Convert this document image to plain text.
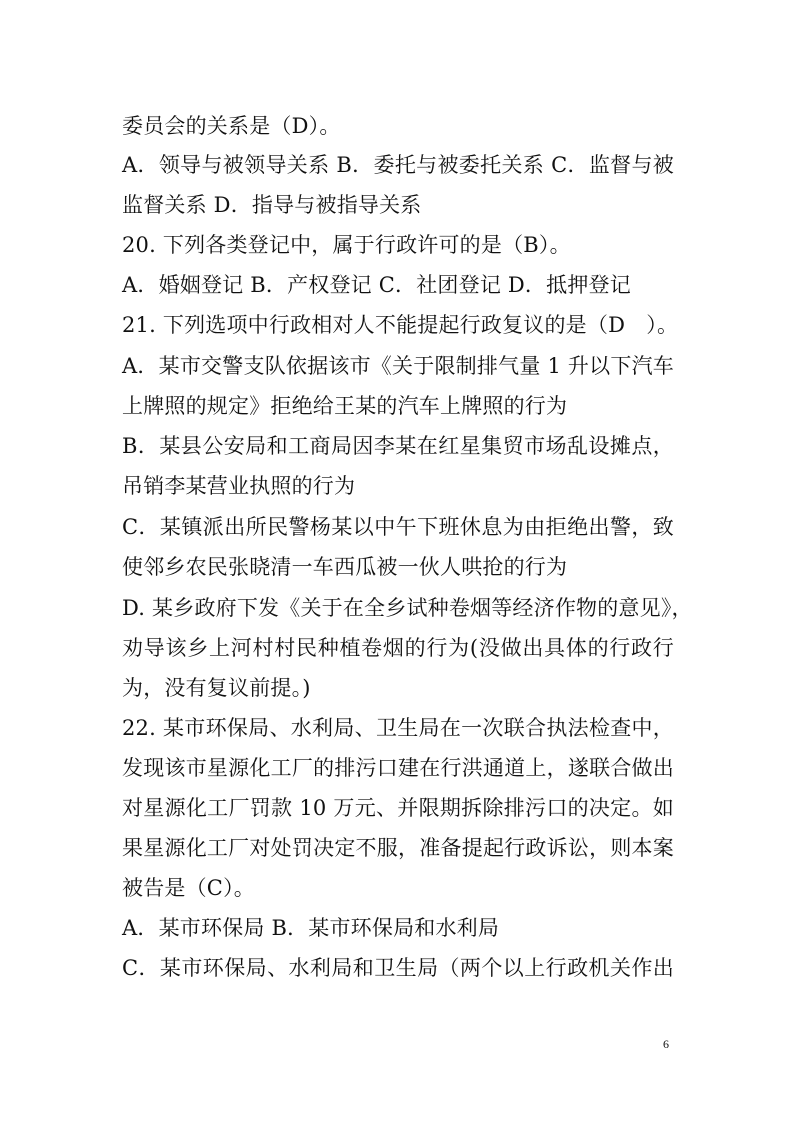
委员会的关系是（D）。
A．领导与被领导关系 B．委托与被委托关系 C．监督与被
监督关系 D．指导与被指导关系
20. 下列各类登记中，属于行政许可的是（B）。
A．婚姻登记 B．产权登记 C．社团登记 D．抵押登记
21. 下列选项中行政相对人不能提起行政复议的是（D　）。
A．某市交警支队依据该市《关于限制排气量 1 升以下汽车
上牌照的规定》拒绝给王某的汽车上牌照的行为
B．某县公安局和工商局因李某在红星集贸市场乱设摊点，
吊销李某营业执照的行为
C．某镇派出所民警杨某以中午下班休息为由拒绝出警，致
使邻乡农民张晓清一车西瓜被一伙人哄抢的行为
D. 某乡政府下发《关于在全乡试种卷烟等经济作物的意见》，
劝导该乡上河村村民种植卷烟的行为(没做出具体的行政行
为，没有复议前提。)
22. 某市环保局、水利局、卫生局在一次联合执法检查中，
发现该市星源化工厂的排污口建在行洪通道上，遂联合做出
对星源化工厂罚款 10 万元、并限期拆除排污口的决定。如
果星源化工厂对处罚决定不服，准备提起行政诉讼，则本案
被告是（C）。
A．某市环保局 B．某市环保局和水利局
C．某市环保局、水利局和卫生局（两个以上行政机关作出
6
